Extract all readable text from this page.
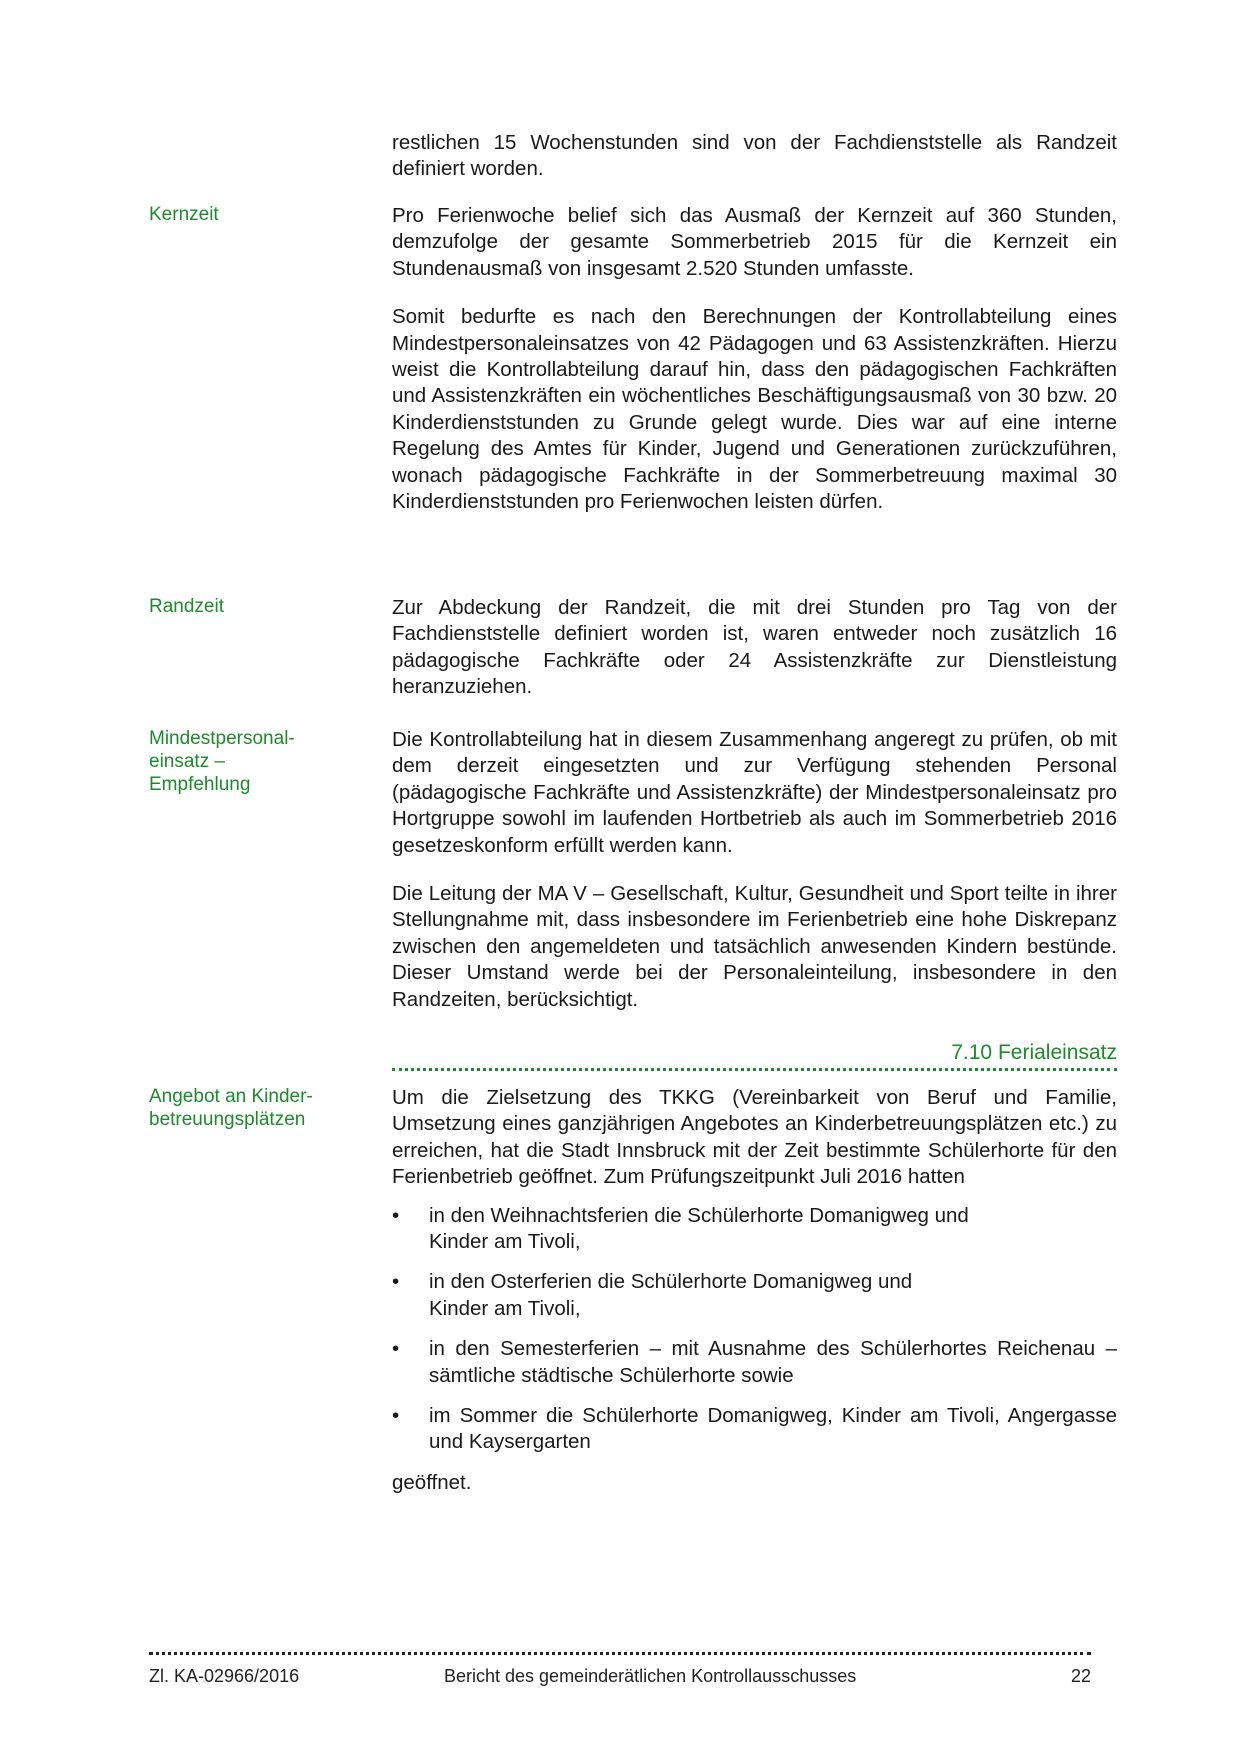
restlichen 15 Wochenstunden sind von der Fachdienststelle als Randzeit definiert worden.

Kernzeit	Pro Ferienwoche belief sich das Ausmaß der Kernzeit auf 360 Stunden, demzufolge der gesamte Sommerbetrieb 2015 für die Kernzeit ein Stundenausmaß von insgesamt 2.520 Stunden umfasste.

Somit bedurfte es nach den Berechnungen der Kontrollabteilung eines Mindestpersonaleinsatzes von 42 Pädagogen und 63 Assistenzkräften. Hierzu weist die Kontrollabteilung darauf hin, dass den pädagogischen Fachkräften und Assistenzkräften ein wöchentliches Beschäftigungsausmaß von 30 bzw. 20 Kinderdienststunden zu Grunde gelegt wurde. Dies war auf eine interne Regelung des Amtes für Kinder, Jugend und Generationen zurückzuführen, wonach pädagogische Fachkräfte in der Sommerbetreuung maximal 30 Kinderdienststunden pro Ferienwochen leisten dürfen.

Randzeit	Zur Abdeckung der Randzeit, die mit drei Stunden pro Tag von der Fachdienststelle definiert worden ist, waren entweder noch zusätzlich 16 pädagogische Fachkräfte oder 24 Assistenzkräfte zur Dienstleistung heranzuziehen.

Mindestpersonal-
einsatz –
Empfehlung

Die Kontrollabteilung hat in diesem Zusammenhang angeregt zu prüfen, ob mit dem derzeit eingesetzten und zur Verfügung stehenden Personal (pädagogische Fachkräfte und Assistenzkräfte) der Mindestpersonaleinsatz pro Hortgruppe sowohl im laufenden Hortbetrieb als auch im Sommerbetrieb 2016 gesetzeskonform erfüllt werden kann.

Die Leitung der MA V – Gesellschaft, Kultur, Gesundheit und Sport teilte in ihrer Stellungnahme mit, dass insbesondere im Ferienbetrieb eine hohe Diskrepanz zwischen den angemeldeten und tatsächlich anwesenden Kindern bestünde. Dieser Umstand werde bei der Personaleinteilung, insbesondere in den Randzeiten, berücksichtigt.

7.10 Ferialeinsatz
Angebot an Kinder-
betreuungsplätzen

Um die Zielsetzung des TKKG (Vereinbarkeit von Beruf und Familie, Umsetzung eines ganzjährigen Angebotes an Kinderbetreuungsplätzen etc.) zu erreichen, hat die Stadt Innsbruck mit der Zeit bestimmte Schülerhorte für den Ferienbetrieb geöffnet. Zum Prüfungszeitpunkt Juli 2016 hatten

• in den Weihnachtsferien die Schülerhorte Domanigweg und
Kinder am Tivoli,
• in den Osterferien die Schülerhorte Domanigweg und
Kinder am Tivoli,
• in den Semesterferien – mit Ausnahme des Schülerhortes Reichenau – sämtliche städtische Schülerhorte sowie
• im Sommer die Schülerhorte Domanigweg, Kinder am Tivoli, Angergasse und Kaysergarten

geöffnet.

Zl. KA-02966/2016	Bericht des gemeinderätlichen Kontrollausschusses	22
